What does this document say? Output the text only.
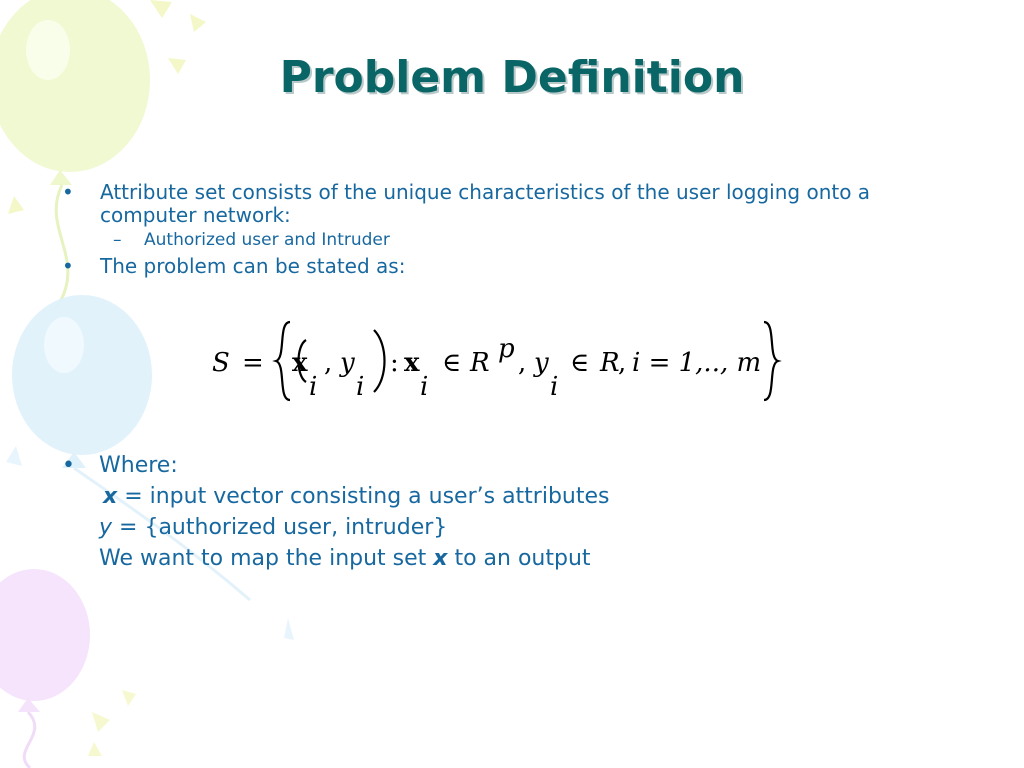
Problem Definition
• Attribute set consists of the unique characteristics of the user logging onto a computer network:
– Authorized user and Intruder
• The problem can be stated as:
S = x
i
, y
i
: x
i
∈ R p , y
i
∈ R
, i = 1,.., m
• Where:
x = input vector consisting a user’s attributes
y = {authorized user, intruder}
We want to map the input set x to an output
